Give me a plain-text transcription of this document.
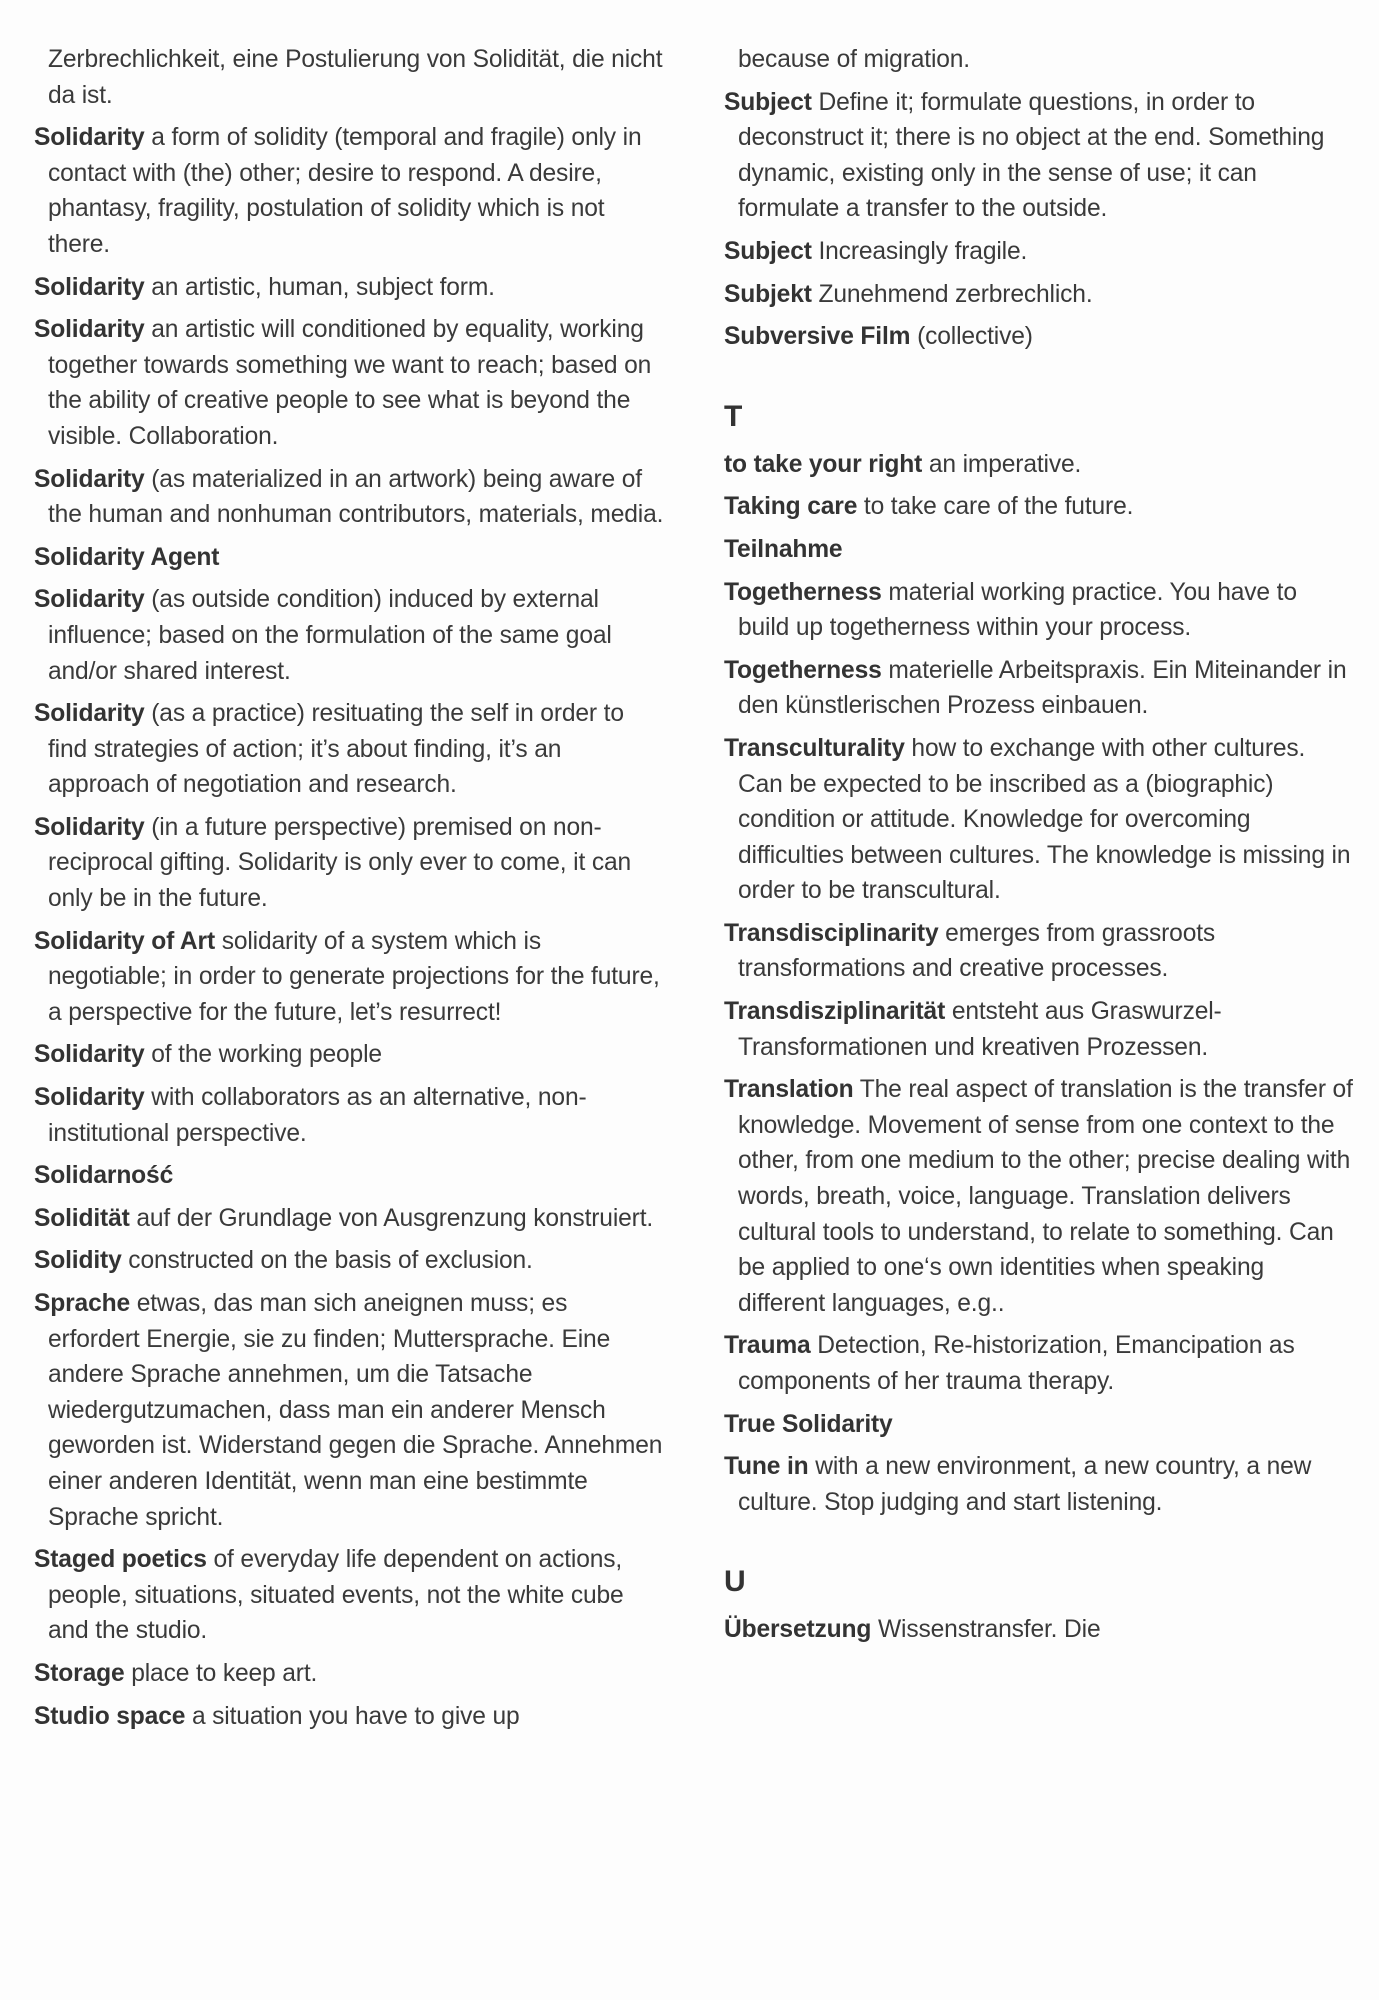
Zerbrechlichkeit, eine Postulierung von Solidität, die nicht da ist.

Solidarity a form of solidity (temporal and fragile) only in contact with (the) other; desire to respond. A desire, phantasy, fragility, postulation of solidity which is not there.

Solidarity an artistic, human, subject form.

Solidarity an artistic will conditioned by equality, working together towards something we want to reach; based on the ability of creative people to see what is beyond the visible. Collaboration.

Solidarity (as materialized in an artwork) being aware of the human and nonhuman contributors, materials, media.

Solidarity Agent

Solidarity (as outside condition) induced by external influence; based on the formulation of the same goal and/or shared interest.

Solidarity (as a practice) resituating the self in order to find strategies of action; it’s about finding, it’s an approach of negotiation and research.

Solidarity (in a future perspective) premised on non-reciprocal gifting. Solidarity is only ever to come, it can only be in the future.

Solidarity of Art solidarity of a system which is negotiable; in order to generate projections for the future, a perspective for the future, let’s resurrect!

Solidarity of the working people

Solidarity with collaborators as an alternative, non-institutional perspective.

Solidarność

Solidität auf der Grundlage von Ausgrenzung konstruiert.

Solidity constructed on the basis of exclusion.

Sprache etwas, das man sich aneignen muss; es erfordert Energie, sie zu finden; Muttersprache. Eine andere Sprache annehmen, um die Tatsache wiedergutzumachen, dass man ein anderer Mensch geworden ist. Widerstand gegen die Sprache. Annehmen einer anderen Identität, wenn man eine bestimmte Sprache spricht.

Staged poetics of everyday life dependent on actions, people, situations, situated events, not the white cube and the studio.

Storage place to keep art.

Studio space a situation you have to give up

because of migration.

Subject Define it; formulate questions, in order to deconstruct it; there is no object at the end. Something dynamic, existing only in the sense of use; it can formulate a transfer to the outside.

Subject Increasingly fragile.

Subjekt Zunehmend zerbrechlich.

Subversive Film (collective)

T

to take your right an imperative.

Taking care to take care of the future.

Teilnahme

Togetherness material working practice. You have to build up togetherness within your process.

Togetherness materielle Arbeitspraxis. Ein Miteinander in den künstlerischen Prozess einbauen.

Transculturality how to exchange with other cultures. Can be expected to be inscribed as a (biographic) condition or attitude. Knowledge for overcoming difficulties between cultures. The knowledge is missing in order to be transcultural.

Transdisciplinarity emerges from grassroots transformations and creative processes.

Transdisziplinarität entsteht aus Graswurzel-Transformationen und kreativen Prozessen.

Translation The real aspect of translation is the transfer of knowledge. Movement of sense from one context to the other, from one medium to the other; precise dealing with words, breath, voice, language. Translation delivers cultural tools to understand, to relate to something. Can be applied to one‘s own identities when speaking different languages, e.g..

Trauma Detection, Re-historization, Emancipation as components of her trauma therapy.

True Solidarity

Tune in with a new environment, a new country, a new culture. Stop judging and start listening.

U

Übersetzung Wissenstransfer. Die
